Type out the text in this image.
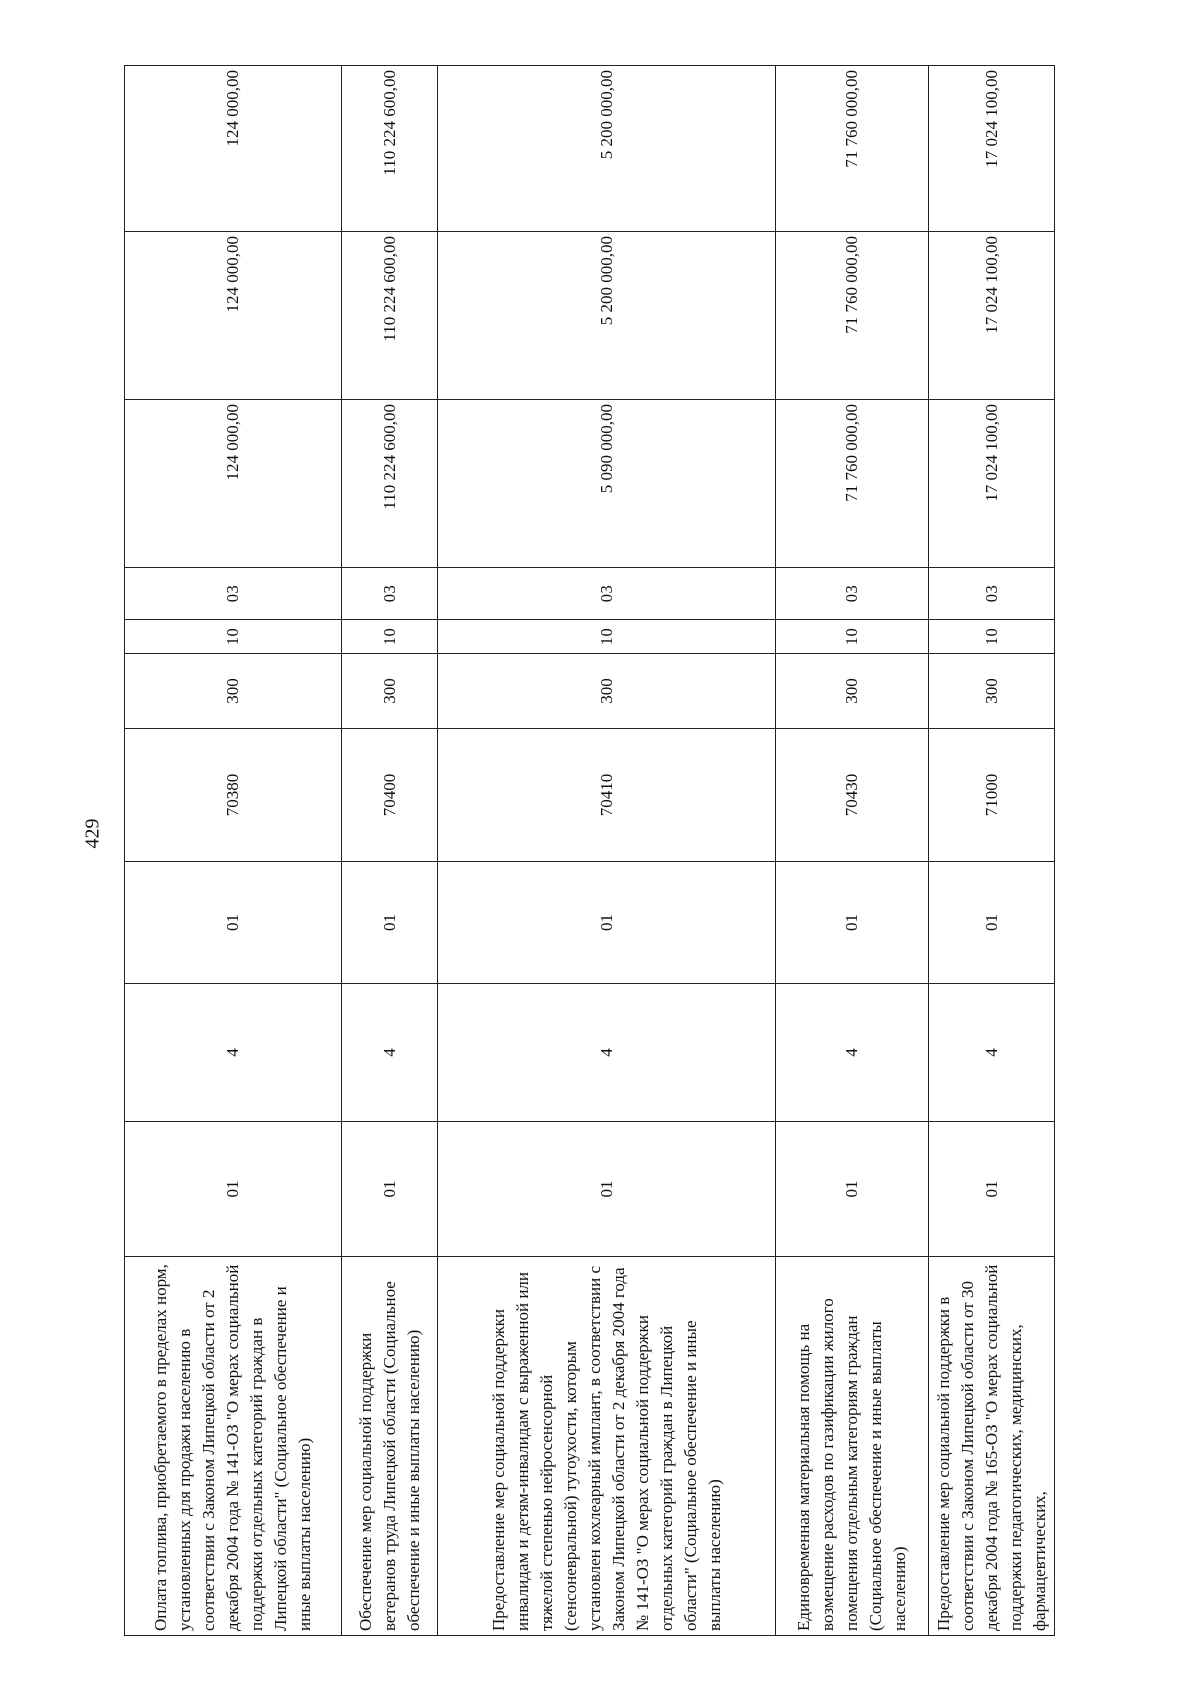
429
Оплата топлива, приобретаемого в пределах норм, установленных для продажи населению в соответствии с Законом Липецкой области от 2 декабря 2004 года № 141-ОЗ "О мерах социальной поддержки отдельных категорий граждан в Липецкой области" (Социальное обеспечение и иные выплаты населению)	01	4	01	70380	300	10	03	124 000,00	124 000,00	124 000,00
Обеспечение мер социальной поддержки ветеранов труда Липецкой области (Социальное обеспечение и иные выплаты населению)	01	4	01	70400	300	10	03	110 224 600,00	110 224 600,00	110 224 600,00
Предоставление мер социальной поддержки инвалидам и детям-инвалидам с выраженной или тяжелой степенью нейросенсорной (сенсоневральной) тугоухости, которым установлен кохлеарный имплант, в соответствии с Законом Липецкой области от 2 декабря 2004 года № 141-ОЗ "О мерах социальной поддержки отдельных категорий граждан в Липецкой области" (Социальное обеспечение и иные выплаты населению)	01	4	01	70410	300	10	03	5 090 000,00	5 200 000,00	5 200 000,00
Единовременная материальная помощь на возмещение расходов по газификации жилого помещения отдельным категориям граждан (Социальное обеспечение и иные выплаты населению)	01	4	01	70430	300	10	03	71 760 000,00	71 760 000,00	71 760 000,00
Предоставление мер социальной поддержки в соответствии с Законом Липецкой области от 30 декабря 2004 года № 165-ОЗ "О мерах социальной поддержки педагогических, медицинских, фармацевтических,	01	4	01	71000	300	10	03	17 024 100,00	17 024 100,00	17 024 100,00
